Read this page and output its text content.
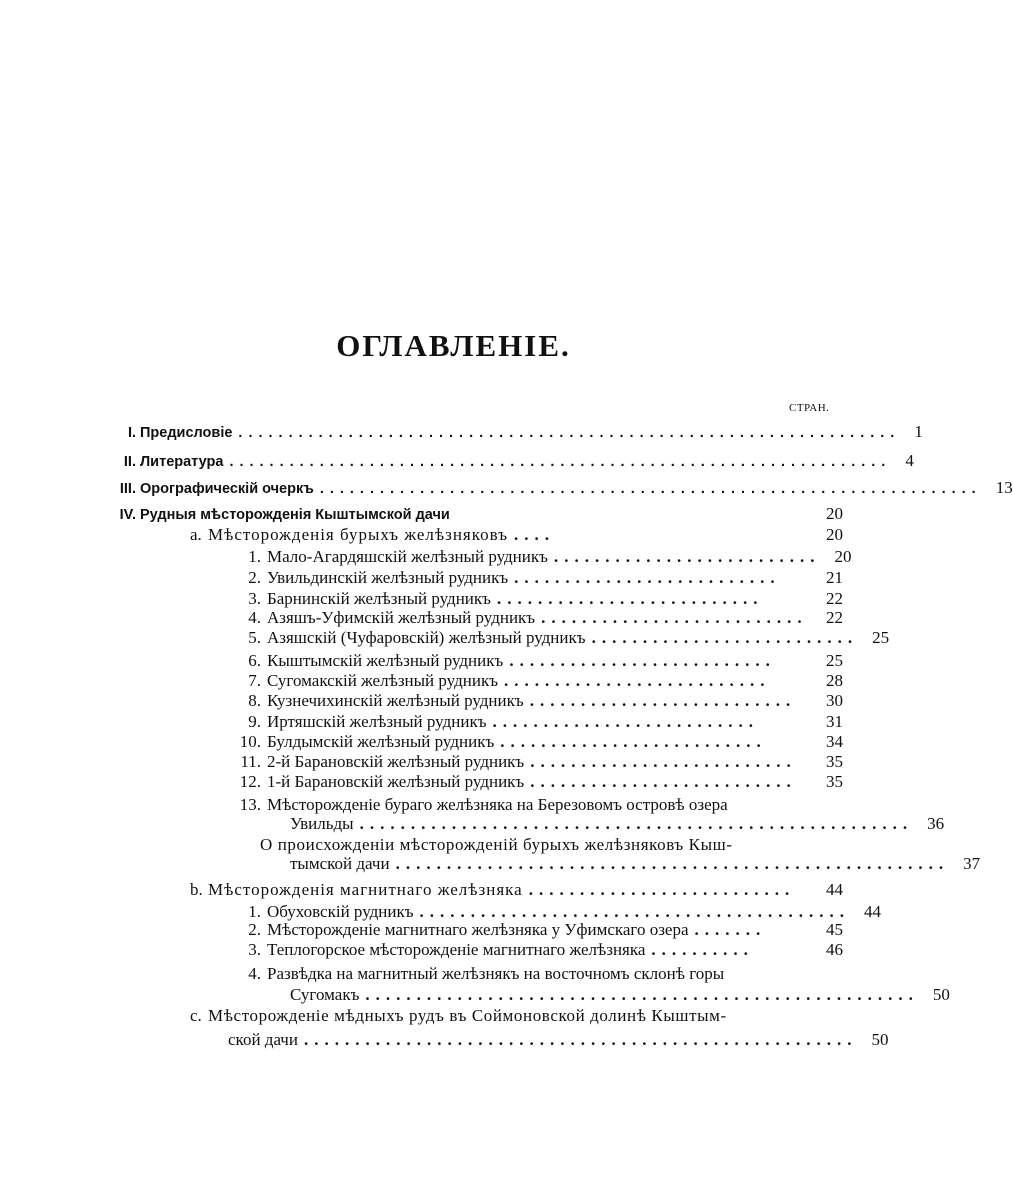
ОГЛАВЛЕНІЕ.
СТРАН.
I. Предисловіе .................................................................. 1
II. Литература .................................................................. 4
III. Орографическій очеркъ .................................................................. 13
IV. Рудныя мѣсторожденія Кыштымской дачи	20
a. Мѣсторожденія бурыхъ желѣзняковъ ....	20
1. Мало-Агардяшскій желѣзный рудникъ .......................... 20
2. Увильдинскій желѣзный рудникъ ..........................	21
3. Барнинскій желѣзный рудникъ ..........................	22
4. Азяшъ-Уфимскій желѣзный рудникъ .......................... 22
5. Азяшскій (Чуфаровскій) желѣзный рудникъ .......................... 25
6. Кыштымскій желѣзный рудникъ ..........................	25
7. Сугомакскій желѣзный рудникъ ..........................	28
8. Кузнечихинскій желѣзный рудникъ ..........................	30
9. Иртяшскій желѣзный рудникъ ..........................	31
10. Булдымскій желѣзный рудникъ ..........................	34
11. 2-й Барановскій желѣзный рудникъ ..........................	35
12. 1-й Барановскій желѣзный рудникъ ..........................	35
13. Мѣсторожденіе бураго желѣзняка на Березовомъ островѣ озера
Увильды ...................................................... 36
О происхожденіи мѣсторожденій бурыхъ желѣзняковъ Кыш-
тымской дачи ...................................................... 37
b. Мѣсторожденія магнитнаго желѣзняка ..........................	44
1. Обуховскій рудникъ .......................................... 44
2. Мѣсторожденіе магнитнаго желѣзняка у Уфимскаго озера .......	45
3. Теплогорское мѣсторожденіе магнитнаго желѣзняка ..........	46
4. Развѣдка на магнитный желѣзнякъ на восточномъ склонѣ горы
Сугомакъ ...................................................... 50
c. Мѣсторожденіе мѣдныхъ рудъ въ Соймоновской долинѣ Кыштым-
ской дачи ...................................................... 50
